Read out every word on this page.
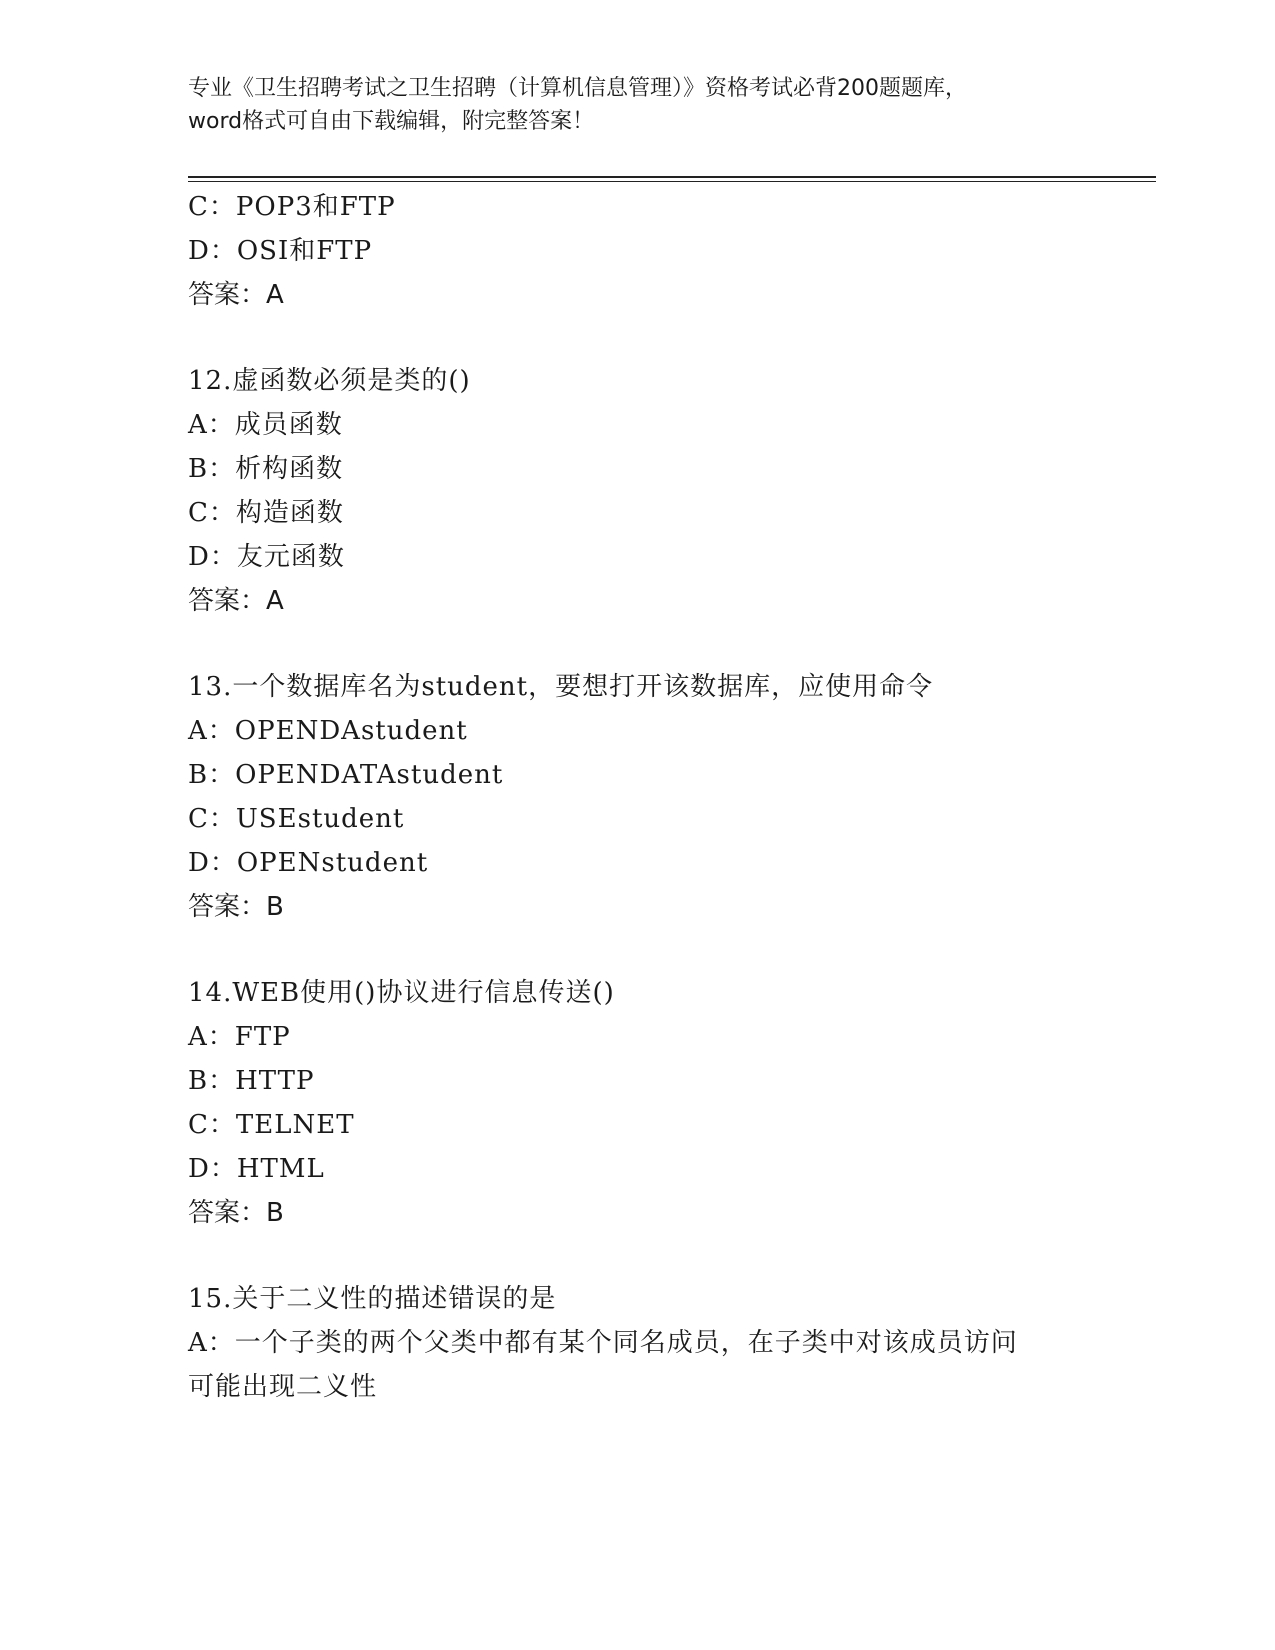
专业《卫生招聘考试之卫生招聘（计算机信息管理）》资格考试必背200题题库，
word格式可自由下载编辑，附完整答案！
C：POP3和FTP
D：OSI和FTP
答案：A
12.虚函数必须是类的()
A：成员函数
B：析构函数
C：构造函数
D：友元函数
答案：A
13.一个数据库名为student，要想打开该数据库，应使用命令
A：OPENDAstudent
B：OPENDATAstudent
C：USEstudent
D：OPENstudent
答案：B
14.WEB使用()协议进行信息传送()
A：FTP
B：HTTP
C：TELNET
D：HTML
答案：B
15.关于二义性的描述错误的是
A：一个子类的两个父类中都有某个同名成员，在子类中对该成员访问
可能出现二义性
